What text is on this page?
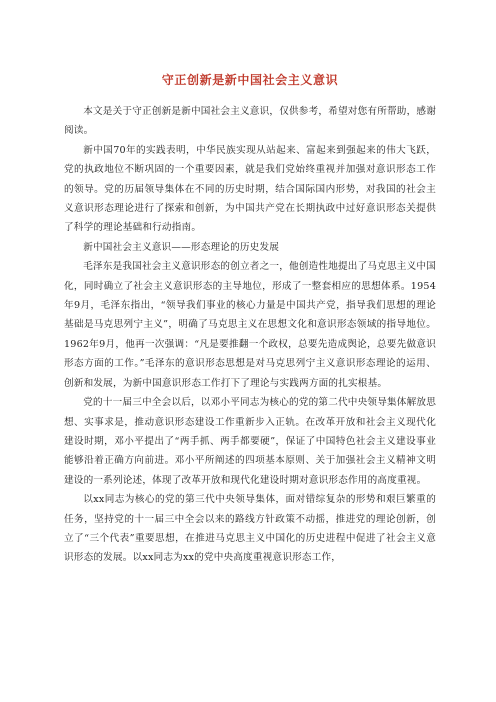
守正创新是新中国社会主义意识

本文是关于守正创新是新中国社会主义意识，仅供参考，希望对您有所帮助，感谢阅读。

新中国70年的实践表明，中华民族实现从站起来、富起来到强起来的伟大飞跃，党的执政地位不断巩固的一个重要因素，就是我们党始终重视并加强对意识形态工作的领导。党的历届领导集体在不同的历史时期，结合国际国内形势，对我国的社会主义意识形态理论进行了探索和创新，为中国共产党在长期执政中过好意识形态关提供了科学的理论基础和行动指南。

新中国社会主义意识——形态理论的历史发展

毛泽东是我国社会主义意识形态的创立者之一，他创造性地提出了马克思主义中国化，同时确立了社会主义意识形态的主导地位，形成了一整套相应的思想体系。1954年9月，毛泽东指出，“领导我们事业的核心力量是中国共产党，指导我们思想的理论基础是马克思列宁主义”，明确了马克思主义在思想文化和意识形态领域的指导地位。1962年9月，他再一次强调：“凡是要推翻一个政权，总要先造成舆论，总要先做意识形态方面的工作。”毛泽东的意识形态思想是对马克思列宁主义意识形态理论的运用、创新和发展，为新中国意识形态工作打下了理论与实践两方面的扎实根基。

党的十一届三中全会以后，以邓小平同志为核心的党的第二代中央领导集体解放思想、实事求是，推动意识形态建设工作重新步入正轨。在改革开放和社会主义现代化建设时期，邓小平提出了“两手抓、两手都要硬”，保证了中国特色社会主义建设事业能够沿着正确方向前进。邓小平所阐述的四项基本原则、关于加强社会主义精神文明建设的一系列论述，体现了改革开放和现代化建设时期对意识形态作用的高度重视。

以xx同志为核心的党的第三代中央领导集体，面对错综复杂的形势和艰巨繁重的任务，坚持党的十一届三中全会以来的路线方针政策不动摇，推进党的理论创新，创立了“三个代表”重要思想，在推进马克思主义中国化的历史进程中促进了社会主义意识形态的发展。以xx同志为xx的党中央高度重视意识形态工作，
